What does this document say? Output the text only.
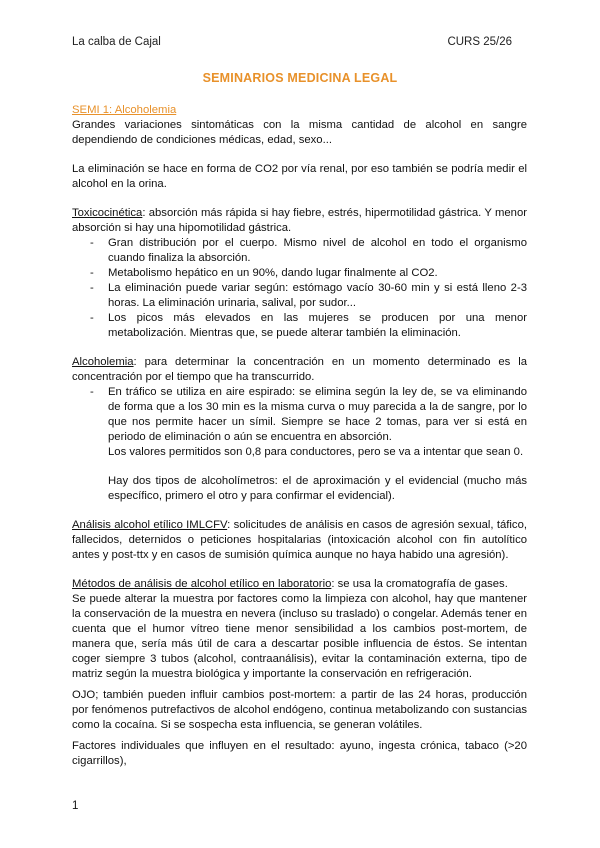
La calba de Cajal	CURS 25/26
SEMINARIOS MEDICINA LEGAL

SEMI 1: Alcoholemia

Grandes variaciones sintomáticas con la misma cantidad de alcohol en sangre dependiendo de condiciones médicas, edad, sexo...

La eliminación se hace en forma de CO2 por vía renal, por eso también se podría medir el alcohol en la orina.

Toxicocinética: absorción más rápida si hay fiebre, estrés, hipermotilidad gástrica. Y menor absorción si hay una hipomotilidad gástrica.

- Gran distribución por el cuerpo. Mismo nivel de alcohol en todo el organismo cuando finaliza la absorción.
- Metabolismo hepático en un 90%, dando lugar finalmente al CO2.
- La eliminación puede variar según: estómago vacío 30-60 min y si está lleno 2-3 horas. La eliminación urinaria, salival, por sudor...
- Los picos más elevados en las mujeres se producen por una menor metabolización. Mientras que, se puede alterar también la eliminación.

Alcoholemia: para determinar la concentración en un momento determinado es la concentración por el tiempo que ha transcurrido.

- En tráfico se utiliza en aire espirado: se elimina según la ley de, se va eliminando de forma que a los 30 min es la misma curva o muy parecida a la de sangre, por lo que nos permite hacer un símil. Siempre se hace 2 tomas, para ver si está en periodo de eliminación o aún se encuentra en absorción.

Los valores permitidos son 0,8 para conductores, pero se va a intentar que sean 0.

Hay dos tipos de alcoholímetros: el de aproximación y el evidencial (mucho más específico, primero el otro y para confirmar el evidencial).

Análisis alcohol etílico IMLCFV: solicitudes de análisis en casos de agresión sexual, táfico, fallecidos, deternidos o peticiones hospitalarias (intoxicación alcohol con fin autolítico antes y post-ttx y en casos de sumisión química aunque no haya habido una agresión).

Métodos de análisis de alcohol etílico en laboratorio: se usa la cromatografía de gases.

Se puede alterar la muestra por factores como la limpieza con alcohol, hay que mantener la conservación de la muestra en nevera (incluso su traslado) o congelar. Además tener en cuenta que el humor vítreo tiene menor sensibilidad a los cambios post-mortem, de manera que, sería más útil de cara a descartar posible influencia de éstos. Se intentan coger siempre 3 tubos (alcohol, contraanálisis), evitar la contaminación externa, tipo de matriz según la muestra biológica y importante la conservación en refrigeración.

OJO; también pueden influir cambios post-mortem: a partir de las 24 horas, producción por fenómenos putrefactivos de alcohol endógeno, continua metabolizando con sustancias como la cocaína. Si se sospecha esta influencia, se generan volátiles.

Factores individuales que influyen en el resultado: ayuno, ingesta crónica, tabaco (>20 cigarrillos),

1
